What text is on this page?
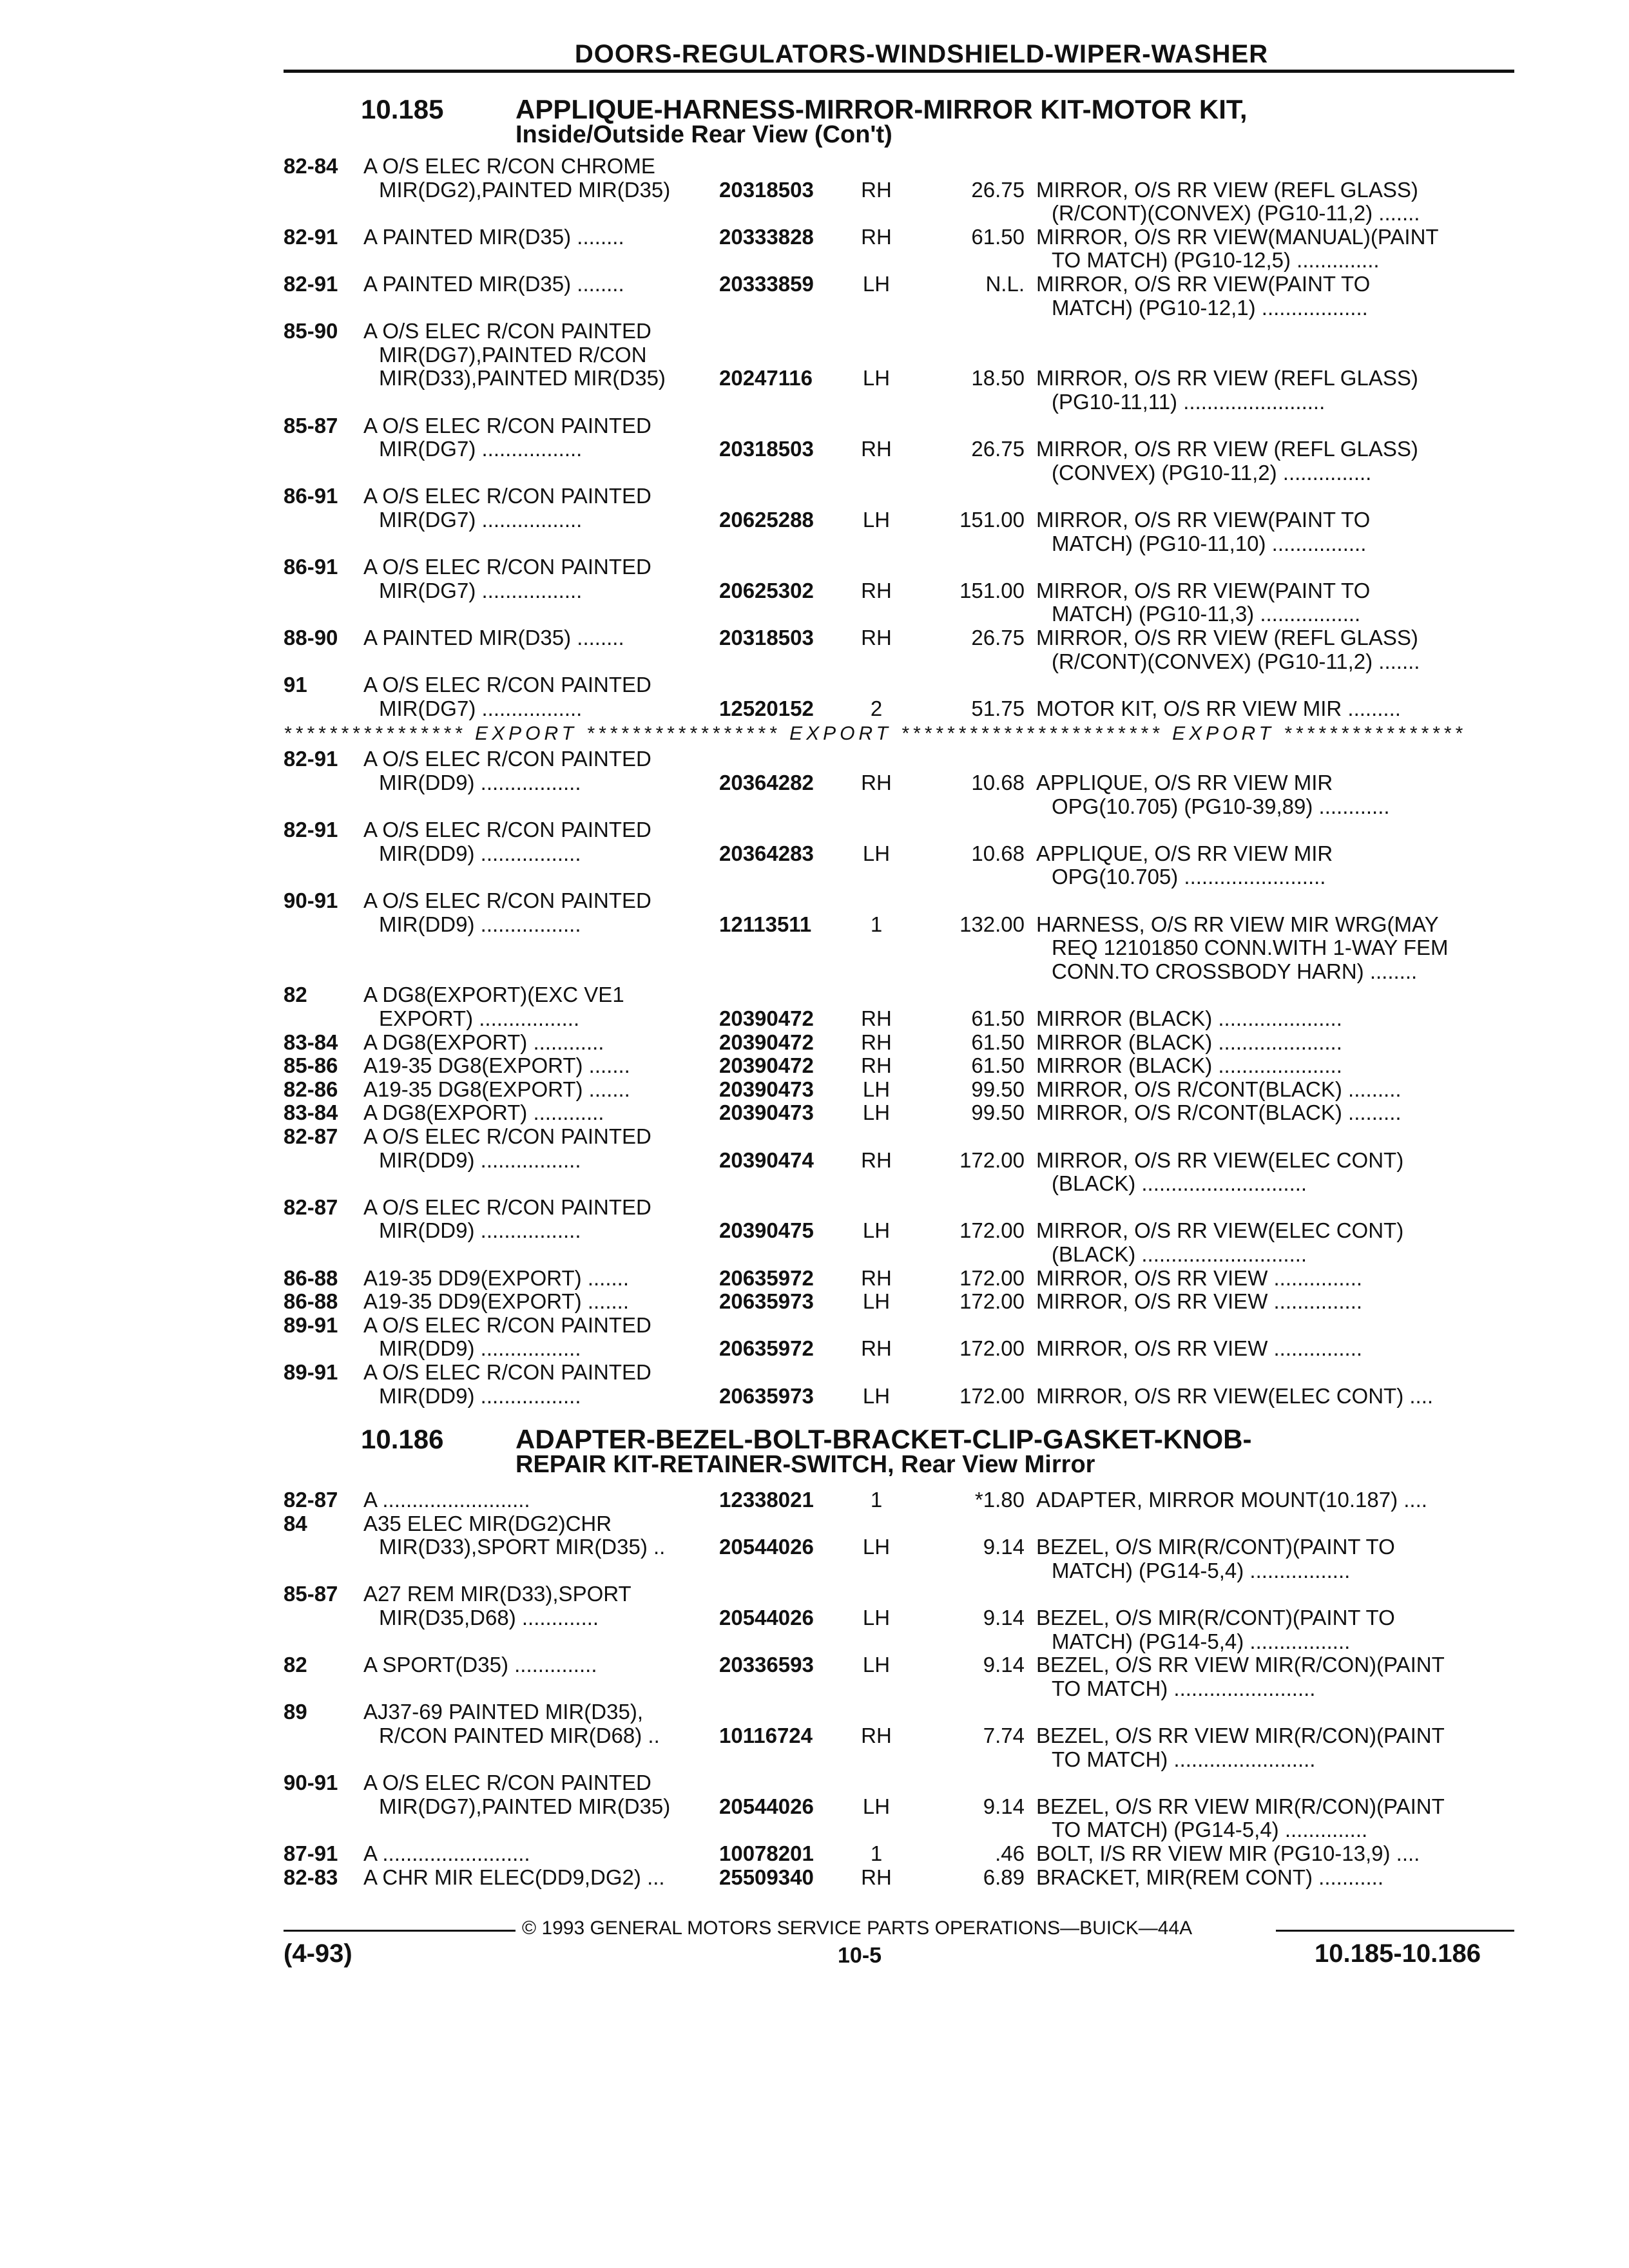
DOORS-REGULATORS-WINDSHIELD-WIPER-WASHER
10.185	APPLIQUE-HARNESS-MIRROR-MIRROR KIT-MOTOR KIT,
Inside/Outside Rear View (Con't)
82-84	A O/S ELEC R/CON CHROME
MIR(DG2),PAINTED MIR(D35)	20318503	RH	26.75 MIRROR, O/S RR VIEW (REFL GLASS)
(R/CONT)(CONVEX) (PG10-11,2) .......
82-91	A PAINTED MIR(D35) ........	20333828	RH	61.50 MIRROR, O/S RR VIEW(MANUAL)(PAINT
TO MATCH) (PG10-12,5) ..............
82-91	A PAINTED MIR(D35) ........	20333859	LH	N.L. MIRROR, O/S RR VIEW(PAINT TO
MATCH) (PG10-12,1) ..................
85-90	A O/S ELEC R/CON PAINTED
MIR(DG7),PAINTED R/CON
MIR(D33),PAINTED MIR(D35)	20247116	LH	18.50 MIRROR, O/S RR VIEW (REFL GLASS)
(PG10-11,11) ........................
85-87	A O/S ELEC R/CON PAINTED
MIR(DG7) .................	20318503	RH	26.75 MIRROR, O/S RR VIEW (REFL GLASS)
(CONVEX) (PG10-11,2) ...............
86-91	A O/S ELEC R/CON PAINTED
MIR(DG7) .................	20625288	LH	151.00 MIRROR, O/S RR VIEW(PAINT TO
MATCH) (PG10-11,10) ................
86-91	A O/S ELEC R/CON PAINTED
MIR(DG7) .................	20625302	RH	151.00 MIRROR, O/S RR VIEW(PAINT TO
MATCH) (PG10-11,3) .................
88-90	A PAINTED MIR(D35) ........	20318503	RH	26.75 MIRROR, O/S RR VIEW (REFL GLASS)
(R/CONT)(CONVEX) (PG10-11,2) .......
91	A O/S ELEC R/CON PAINTED
MIR(DG7) .................	12520152	2	51.75 MOTOR KIT, O/S RR VIEW MIR .........
82-91	A O/S ELEC R/CON PAINTED
MIR(DD9) .................	20364282	RH	10.68 APPLIQUE, O/S RR VIEW MIR
OPG(10.705) (PG10-39,89) ............
82-91	A O/S ELEC R/CON PAINTED
MIR(DD9) .................	20364283	LH	10.68 APPLIQUE, O/S RR VIEW MIR
OPG(10.705) ........................
90-91	A O/S ELEC R/CON PAINTED
MIR(DD9) .................	12113511	1	132.00 HARNESS, O/S RR VIEW MIR WRG(MAY
REQ 12101850 CONN.WITH 1-WAY FEM
CONN.TO CROSSBODY HARN) ........
82	A DG8(EXPORT)(EXC VE1
EXPORT) .................	20390472	RH	61.50 MIRROR (BLACK) .....................
83-84	A DG8(EXPORT) ............	20390472	RH	61.50 MIRROR (BLACK) .....................
85-86	A19-35 DG8(EXPORT) .......	20390472	RH	61.50 MIRROR (BLACK) .....................
82-86	A19-35 DG8(EXPORT) .......	20390473	LH	99.50 MIRROR, O/S R/CONT(BLACK) .........
83-84	A DG8(EXPORT) ............	20390473	LH	99.50 MIRROR, O/S R/CONT(BLACK) .........
82-87	A O/S ELEC R/CON PAINTED
MIR(DD9) .................	20390474	RH	172.00 MIRROR, O/S RR VIEW(ELEC CONT)
(BLACK) ............................
82-87	A O/S ELEC R/CON PAINTED
MIR(DD9) .................	20390475	LH	172.00 MIRROR, O/S RR VIEW(ELEC CONT)
(BLACK) ............................
86-88	A19-35 DD9(EXPORT) .......	20635972	RH	172.00 MIRROR, O/S RR VIEW ...............
86-88	A19-35 DD9(EXPORT) .......	20635973	LH	172.00 MIRROR, O/S RR VIEW ...............
89-91	A O/S ELEC R/CON PAINTED
MIR(DD9) .................	20635972	RH	172.00 MIRROR, O/S RR VIEW ...............
89-91	A O/S ELEC R/CON PAINTED
MIR(DD9) .................	20635973	LH	172.00 MIRROR, O/S RR VIEW(ELEC CONT) ....
**************** EXPORT ***************** EXPORT *********************** EXPORT ****************
10.186	ADAPTER-BEZEL-BOLT-BRACKET-CLIP-GASKET-KNOB-
REPAIR KIT-RETAINER-SWITCH, Rear View Mirror
82-87	A .........................	12338021	1	*1.80 ADAPTER, MIRROR MOUNT(10.187) ....
84	A35 ELEC MIR(DG2)CHR
MIR(D33),SPORT MIR(D35) ..	20544026	LH	9.14 BEZEL, O/S MIR(R/CONT)(PAINT TO
MATCH) (PG14-5,4) .................
85-87	A27 REM MIR(D33),SPORT
MIR(D35,D68) .............	20544026	LH	9.14 BEZEL, O/S MIR(R/CONT)(PAINT TO
MATCH) (PG14-5,4) .................
82	A SPORT(D35) ..............	20336593	LH	9.14 BEZEL, O/S RR VIEW MIR(R/CON)(PAINT
TO MATCH) ........................
89	AJ37-69 PAINTED MIR(D35),
R/CON PAINTED MIR(D68) ..	10116724	RH	7.74 BEZEL, O/S RR VIEW MIR(R/CON)(PAINT
TO MATCH) ........................
90-91	A O/S ELEC R/CON PAINTED
MIR(DG7),PAINTED MIR(D35)	20544026	LH	9.14 BEZEL, O/S RR VIEW MIR(R/CON)(PAINT
TO MATCH) (PG14-5,4) ..............
87-91	A .........................	10078201	1	.46 BOLT, I/S RR VIEW MIR (PG10-13,9) ....
82-83	A CHR MIR ELEC(DD9,DG2) ...	25509340	RH	6.89 BRACKET, MIR(REM CONT) ...........
© 1993 GENERAL MOTORS SERVICE PARTS OPERATIONS—BUICK—44A
(4-93)	10-5	10.185-10.186
